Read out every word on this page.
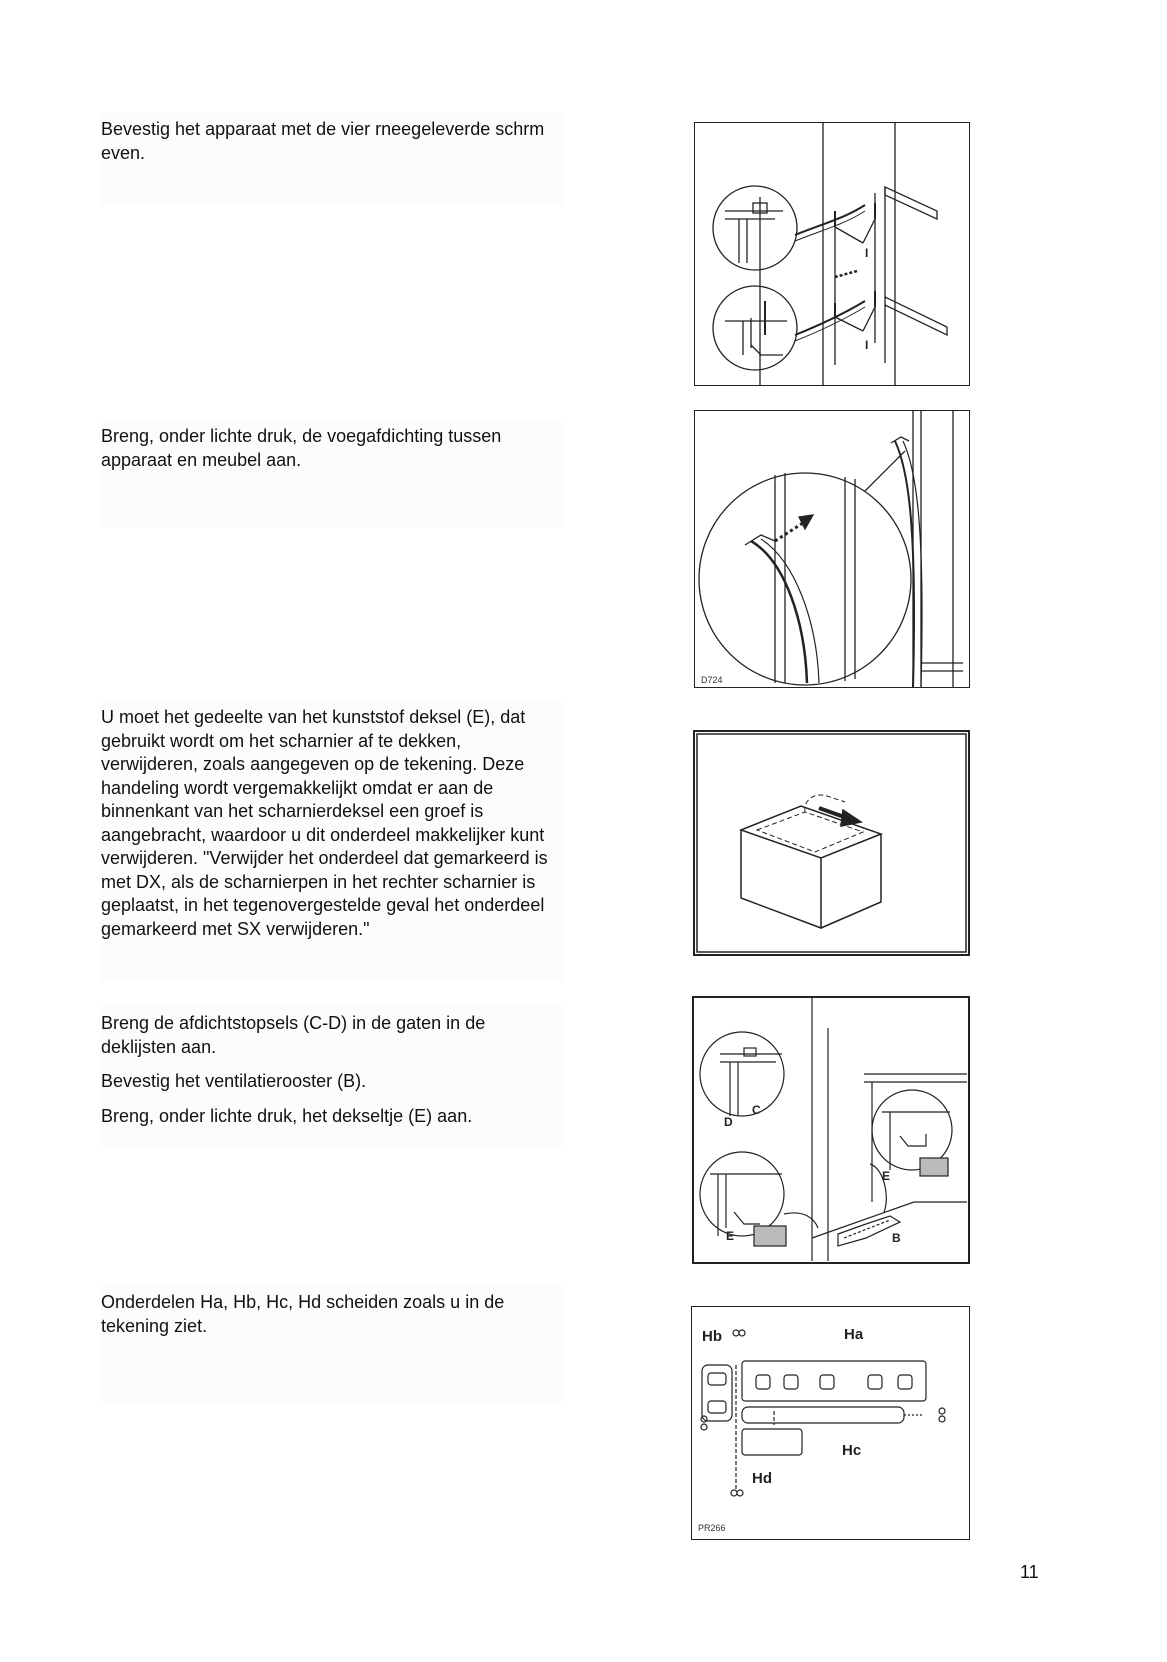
Bevestig het apparaat met de vier rneegeleverde schrm even.

I
I

Breng, onder lichte druk, de voegafdichting tussen apparaat en meubel aan.

D724

U moet het gedeelte van het kunststof deksel (E), dat gebruikt wordt om het scharnier af te dekken, verwijderen, zoals aangegeven op de tekening. Deze handeling wordt vergemakkelijkt omdat er aan de binnenkant van het scharnierdeksel een groef is aangebracht, waardoor u dit onderdeel makkelijker kunt verwijderen. "Verwijder het onderdeel dat gemarkeerd is met DX, als de scharnierpen in het rechter scharnier is geplaatst, in het tegenovergestelde geval het onderdeel gemarkeerd met SX verwijderen."

Breng de afdichtstopsels (C-D) in de gaten in de deklijsten aan.

Bevestig het ventilatierooster (B).

Breng, onder lichte druk, het dekseltje (E) aan.	C
D
E
E	B

Onderdelen Ha, Hb, Hc, Hd scheiden zoals u in de tekening ziet.

Hb	Ha
Hc
Hd
PR266
11
